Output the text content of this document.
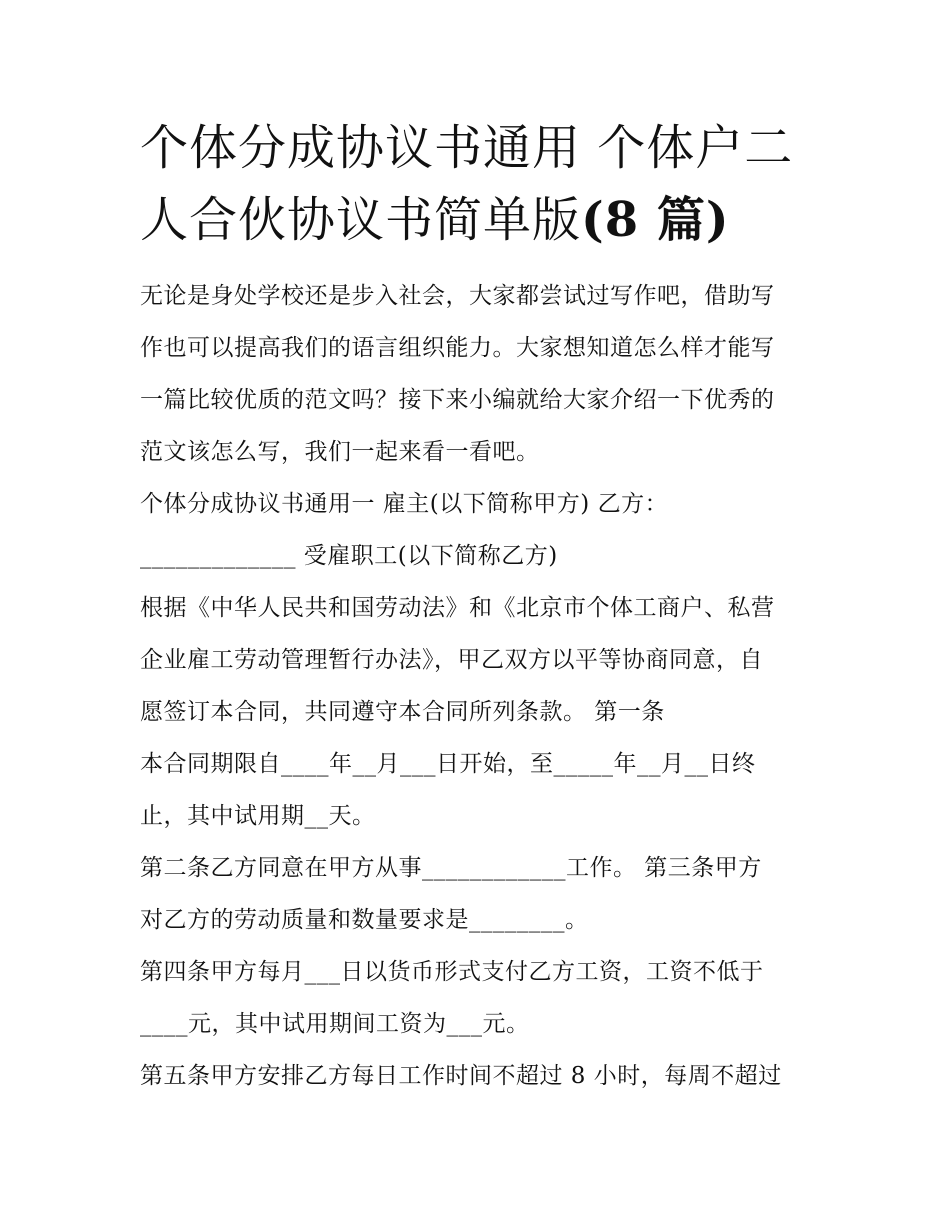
个体分成协议书通用 个体户二
人合伙协议书简单版(8 篇)

无论是身处学校还是步入社会，大家都尝试过写作吧，借助写

作也可以提高我们的语言组织能力。大家想知道怎么样才能写

一篇比较优质的范文吗？接下来小编就给大家介绍一下优秀的

范文该怎么写，我们一起来看一看吧。

个体分成协议书通用一 雇主(以下简称甲方) 乙方：

_____________ 受雇职工(以下简称乙方)

根据《中华人民共和国劳动法》和《北京市个体工商户、私营

企业雇工劳动管理暂行办法》，甲乙双方以平等协商同意，自

愿签订本合同，共同遵守本合同所列条款。 第一条

本合同期限自____年__月___日开始，至_____年__月__日终

止，其中试用期__天。

第二条乙方同意在甲方从事____________工作。 第三条甲方

对乙方的劳动质量和数量要求是________。

第四条甲方每月___日以货币形式支付乙方工资，工资不低于

____元，其中试用期间工资为___元。

第五条甲方安排乙方每日工作时间不超过 8 小时，每周不超过
